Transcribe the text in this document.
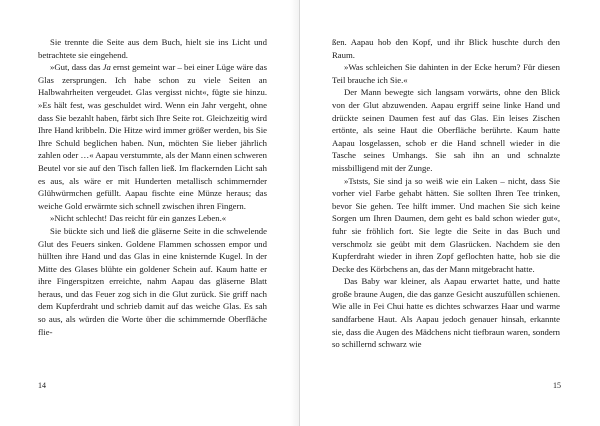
Sie trennte die Seite aus dem Buch, hielt sie ins Licht und betrachtete sie eingehend.

»Gut, dass das Ja ernst gemeint war – bei einer Lüge wäre das Glas zersprungen. Ich habe schon zu viele Seiten an Halbwahrheiten vergeudet. Glas vergisst nicht«, fügte sie hinzu. »Es hält fest, was geschuldet wird. Wenn ein Jahr vergeht, ohne dass Sie bezahlt haben, färbt sich Ihre Seite rot. Gleichzeitig wird Ihre Hand kribbeln. Die Hitze wird immer größer werden, bis Sie Ihre Schuld beglichen haben. Nun, möchten Sie lieber jährlich zahlen oder …« Aapau verstummte, als der Mann einen schweren Beutel vor sie auf den Tisch fallen ließ. Im flackernden Licht sah es aus, als wäre er mit Hunderten metallisch schimmernder Glühwürmchen gefüllt. Aapau fischte eine Münze heraus; das weiche Gold erwärmte sich schnell zwischen ihren Fingern.

»Nicht schlecht! Das reicht für ein ganzes Leben.«

Sie bückte sich und ließ die gläserne Seite in die schwelende Glut des Feuers sinken. Goldene Flammen schossen empor und hüllten ihre Hand und das Glas in eine knisternde Kugel. In der Mitte des Glases blühte ein goldener Schein auf. Kaum hatte er ihre Fingerspitzen erreichte, nahm Aapau das gläserne Blatt heraus, und das Feuer zog sich in die Glut zurück. Sie griff nach dem Kupferdraht und schrieb damit auf das weiche Glas. Es sah so aus, als würden die Worte über die schimmernde Oberfläche flie-

14

ßen. Aapau hob den Kopf, und ihr Blick huschte durch den Raum.

»Was schleichen Sie dahinten in der Ecke herum? Für diesen Teil brauche ich Sie.«

Der Mann bewegte sich langsam vorwärts, ohne den Blick von der Glut abzuwenden. Aapau ergriff seine linke Hand und drückte seinen Daumen fest auf das Glas. Ein leises Zischen ertönte, als seine Haut die Oberfläche berührte. Kaum hatte Aapau losgelassen, schob er die Hand schnell wieder in die Tasche seines Umhangs. Sie sah ihn an und schnalzte missbilligend mit der Zunge.

»Tststs, Sie sind ja so weiß wie ein Laken – nicht, dass Sie vorher viel Farbe gehabt hätten. Sie sollten Ihren Tee trinken, bevor Sie gehen. Tee hilft immer. Und machen Sie sich keine Sorgen um Ihren Daumen, dem geht es bald schon wieder gut«, fuhr sie fröhlich fort. Sie legte die Seite in das Buch und verschmolz sie geübt mit dem Glasrücken. Nachdem sie den Kupferdraht wieder in ihren Zopf geflochten hatte, hob sie die Decke des Körbchens an, das der Mann mitgebracht hatte.

Das Baby war kleiner, als Aapau erwartet hatte, und hatte große braune Augen, die das ganze Gesicht auszufüllen schienen. Wie alle in Fei Chui hatte es dichtes schwarzes Haar und warme sandfarbene Haut. Als Aapau jedoch genauer hinsah, erkannte sie, dass die Augen des Mädchens nicht tiefbraun waren, sondern so schillernd schwarz wie

15
